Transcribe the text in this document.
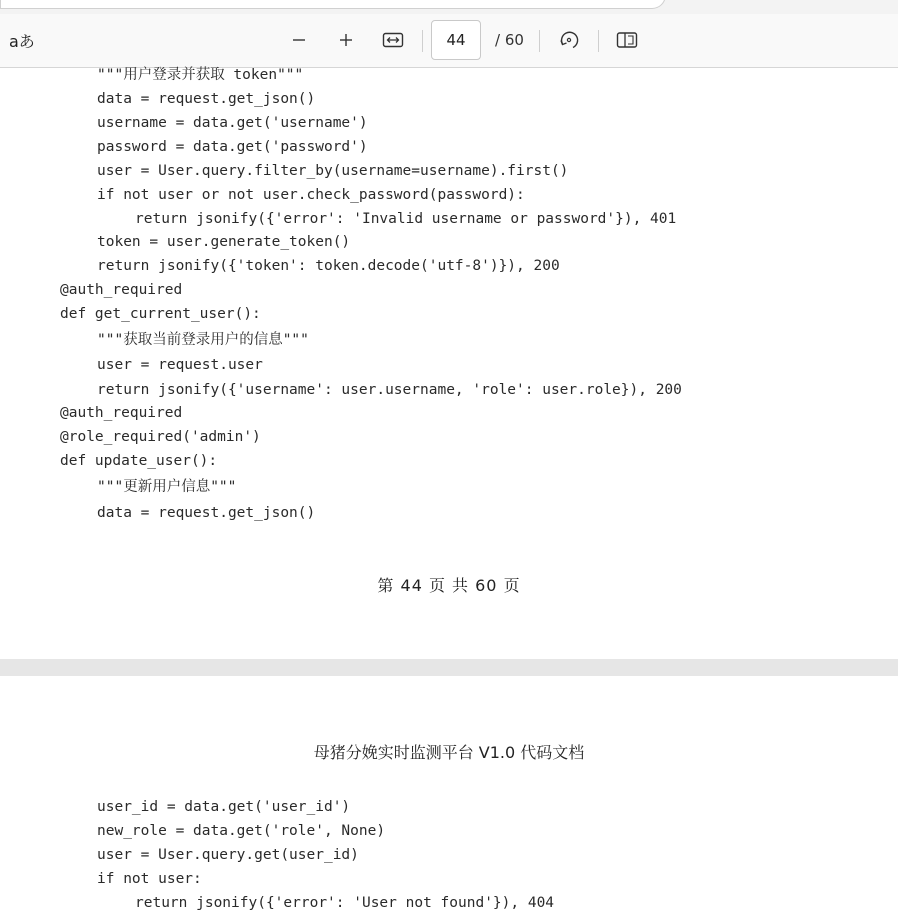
aあ	44	/ 60
"""用户登录并获取 token"""
data = request.get_json()
username = data.get('username')
password = data.get('password')
user = User.query.filter_by(username=username).first()
if not user or not user.check_password(password):
return jsonify({'error': 'Invalid username or password'}), 401
token = user.generate_token()
return jsonify({'token': token.decode('utf-8')}), 200
@auth_required
def get_current_user():
"""获取当前登录用户的信息"""
user = request.user
return jsonify({'username': user.username, 'role': user.role}), 200
@auth_required
@role_required('admin')
def update_user():
"""更新用户信息"""
data = request.get_json()
第 44 页 共 60 页
母猪分娩实时监测平台 V1.0 代码文档
user_id = data.get('user_id')
new_role = data.get('role', None)
user = User.query.get(user_id)
if not user:
return jsonify({'error': 'User not found'}), 404
